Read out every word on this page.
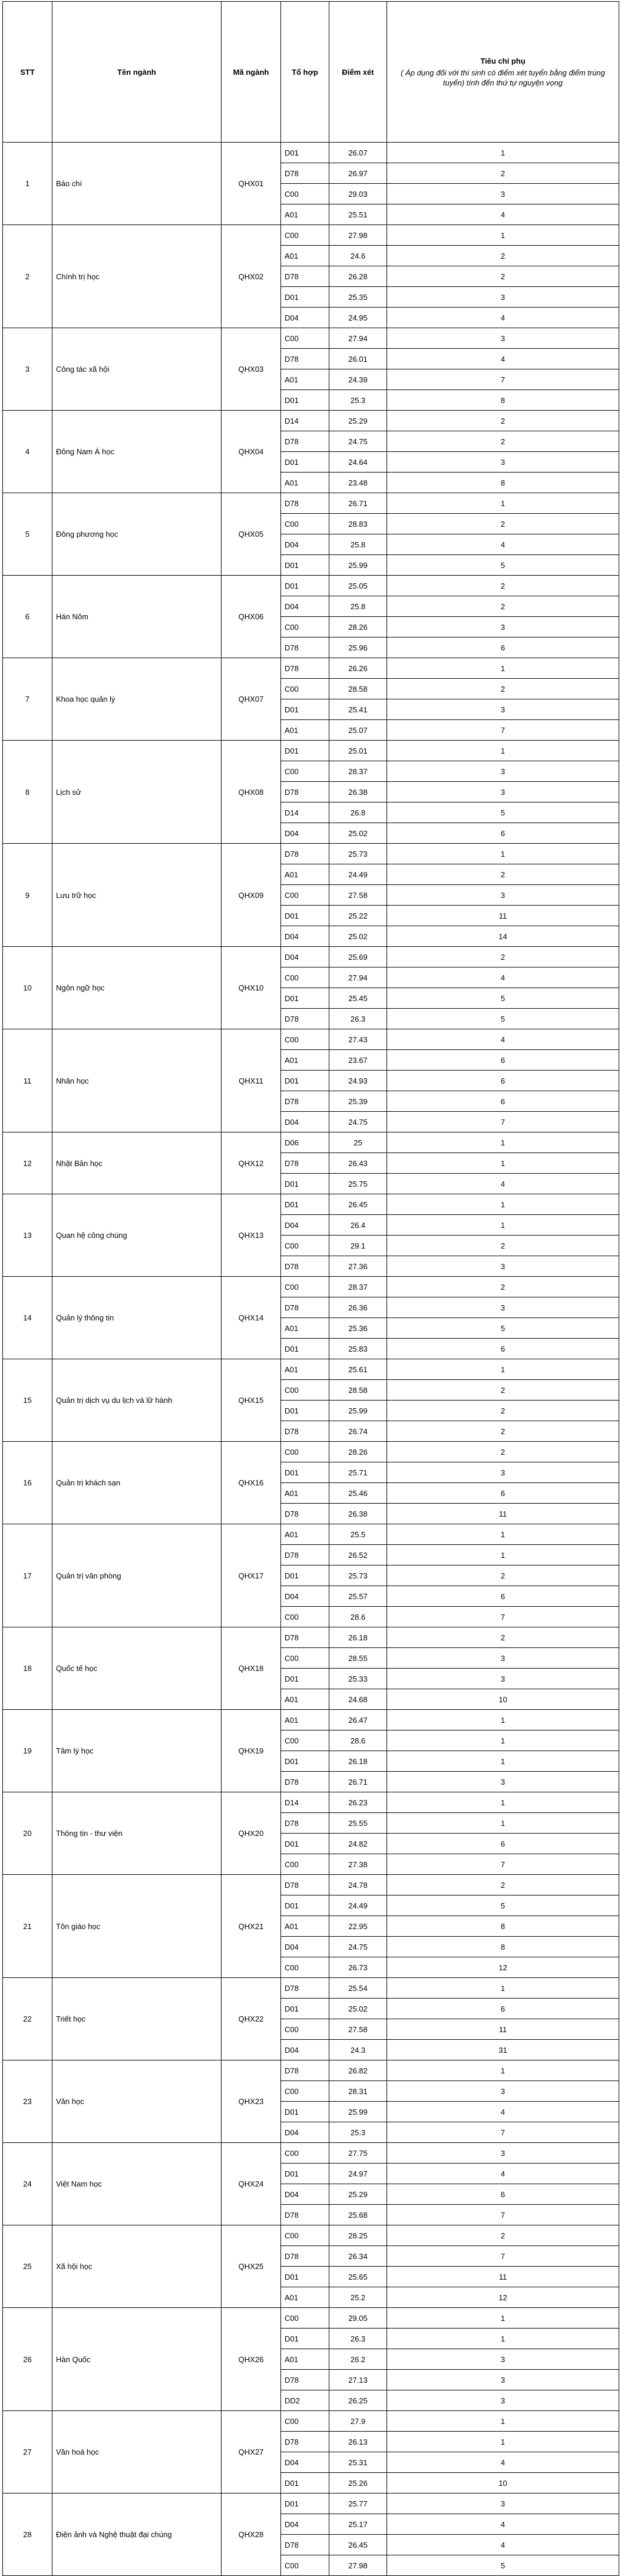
STT	Tên ngành	Mã ngành	Tổ hợp	Điểm xét	Tiêu chí phụ
( Áp dụng đối với thí sinh có điểm xét tuyển bằng điểm trúng tuyển) tính đến thứ tự nguyện vọng

1	Báo chí	QHX01	D01	26.07	1
			D78	26.97	2
			C00	29.03	3
			A01	25.51	4
2	Chính trị học	QHX02	C00	27.98	1
			A01	24.6	2
			D78	26.28	2
			D01	25.35	3
			D04	24.95	4
3	Công tác xã hội	QHX03	C00	27.94	3
			D78	26.01	4
			A01	24.39	7
			D01	25.3	8
4	Đông Nam Á học	QHX04	D14	25.29	2
			D78	24.75	2
			D01	24.64	3
			A01	23.48	8
5	Đông phương học	QHX05	D78	26.71	1
			C00	28.83	2
			D04	25.8	4
			D01	25.99	5
6	Hán Nôm	QHX06	D01	25.05	2
			D04	25.8	2
			C00	28.26	3
			D78	25.96	6
7	Khoa học quản lý	QHX07	D78	26.26	1
			C00	28.58	2
			D01	25.41	3
			A01	25.07	7
8	Lịch sử	QHX08	D01	25.01	1
			C00	28.37	3
			D78	26.38	3
			D14	26.8	5
			D04	25.02	6
9	Lưu trữ học	QHX09	D78	25.73	1
			A01	24.49	2
			C00	27.58	3
			D01	25.22	11
			D04	25.02	14
10	Ngôn ngữ học	QHX10	D04	25.69	2
			C00	27.94	4
			D01	25.45	5
			D78	26.3	5
11	Nhân học	QHX11	C00	27.43	4
			A01	23.67	6
			D01	24.93	6
			D78	25.39	6
			D04	24.75	7
12	Nhật Bản học	QHX12	D06	25	1
			D78	26.43	1
			D01	25.75	4
13	Quan hệ công chúng	QHX13	D01	26.45	1
			D04	26.4	1
			C00	29.1	2
			D78	27.36	3
14	Quản lý thông tin	QHX14	C00	28.37	2
			D78	26.36	3
			A01	25.36	5
			D01	25.83	6
15	Quản trị dịch vụ du lịch và lữ hành	QHX15	A01	25.61	1
			C00	28.58	2
			D01	25.99	2
			D78	26.74	2
16	Quản trị khách sạn	QHX16	C00	28.26	2
			D01	25.71	3
			A01	25.46	6
			D78	26.38	11
17	Quản trị văn phòng	QHX17	A01	25.5	1
			D78	26.52	1
			D01	25.73	2
			D04	25.57	6
			C00	28.6	7
18	Quốc tế học	QHX18	D78	26.18	2
			C00	28.55	3
			D01	25.33	3
			A01	24.68	10
19	Tâm lý học	QHX19	A01	26.47	1
			C00	28.6	1
			D01	26.18	1
			D78	26.71	3
20	Thông tin - thư viện	QHX20	D14	26.23	1
			D78	25.55	1
			D01	24.82	6
			C00	27.38	7
21	Tôn giáo học	QHX21	D78	24.78	2
			D01	24.49	5
			A01	22.95	8
			D04	24.75	8
			C00	26.73	12
22	Triết học	QHX22	D78	25.54	1
			D01	25.02	6
			C00	27.58	11
			D04	24.3	31
23	Văn học	QHX23	D78	26.82	1
			C00	28.31	3
			D01	25.99	4
			D04	25.3	7
24	Việt Nam học	QHX24	C00	27.75	3
			D01	24.97	4
			D04	25.29	6
			D78	25.68	7
25	Xã hội học	QHX25	C00	28.25	2
			D78	26.34	7
			D01	25.65	11
			A01	25.2	12
26	Hàn Quốc	QHX26	C00	29.05	1
			D01	26.3	1
			A01	26.2	3
			D78	27.13	3
			DD2	26.25	3
27	Văn hoá học	QHX27	C00	27.9	1
			D78	26.13	1
			D04	25.31	4
			D01	25.26	10
28	Điện ảnh và Nghệ thuật đại chúng	QHX28	D01	25.77	3
			D04	25.17	4
			D78	26.45	4
			C00	27.98	5
